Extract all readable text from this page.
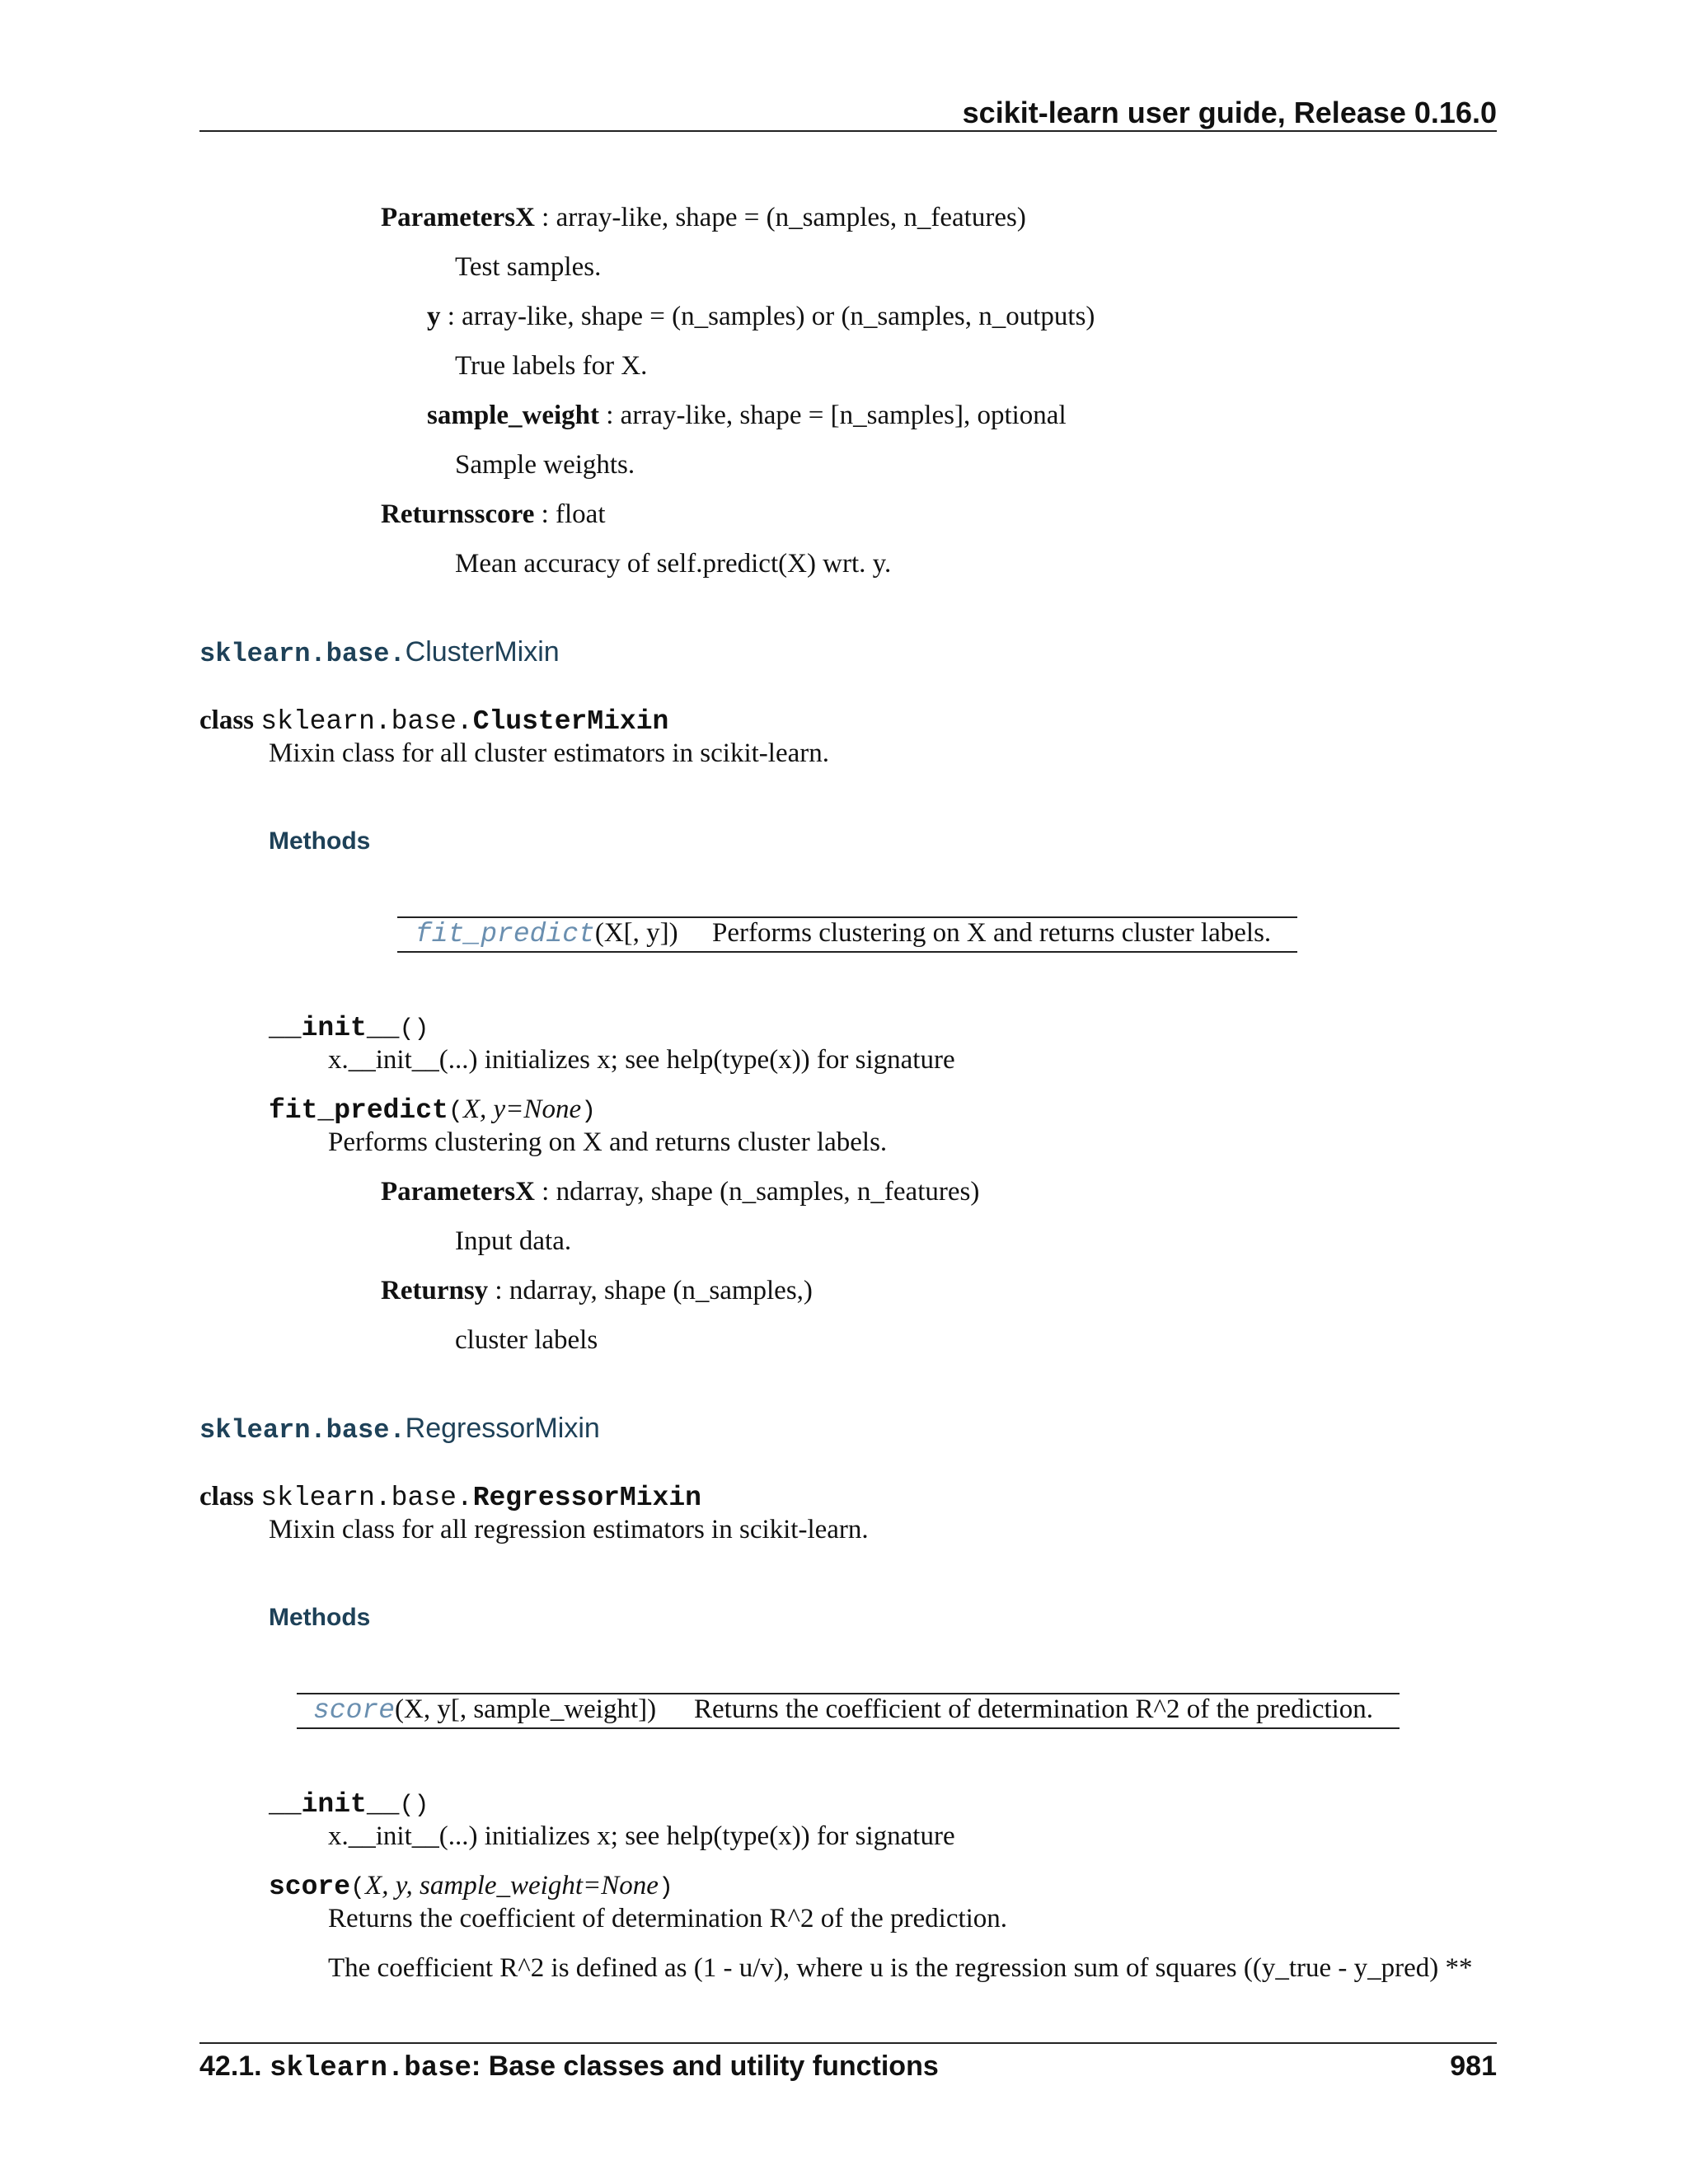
scikit-learn user guide, Release 0.16.0
ParametersX : array-like, shape = (n_samples, n_features)
Test samples.
y : array-like, shape = (n_samples) or (n_samples, n_outputs)
True labels for X.
sample_weight : array-like, shape = [n_samples], optional
Sample weights.
Returnsscore : float
Mean accuracy of self.predict(X) wrt. y.
sklearn.base.ClusterMixin
class sklearn.base.ClusterMixin
Mixin class for all cluster estimators in scikit-learn.
Methods
fit_predict(X[, y]) Performs clustering on X and returns cluster labels.
__init__()
x.__init__(...) initializes x; see help(type(x)) for signature
fit_predict(X, y=None)
Performs clustering on X and returns cluster labels.
ParametersX : ndarray, shape (n_samples, n_features)
Input data.
Returnsy : ndarray, shape (n_samples,)
cluster labels
sklearn.base.RegressorMixin
class sklearn.base.RegressorMixin
Mixin class for all regression estimators in scikit-learn.
Methods
score(X, y[, sample_weight]) Returns the coefficient of determination R^2 of the prediction.
__init__()
x.__init__(...) initializes x; see help(type(x)) for signature
score(X, y, sample_weight=None)
Returns the coefficient of determination R^2 of the prediction.
The coefficient R^2 is defined as (1 - u/v), where u is the regression sum of squares ((y_true - y_pred) **
42.1. sklearn.base: Base classes and utility functions	981
